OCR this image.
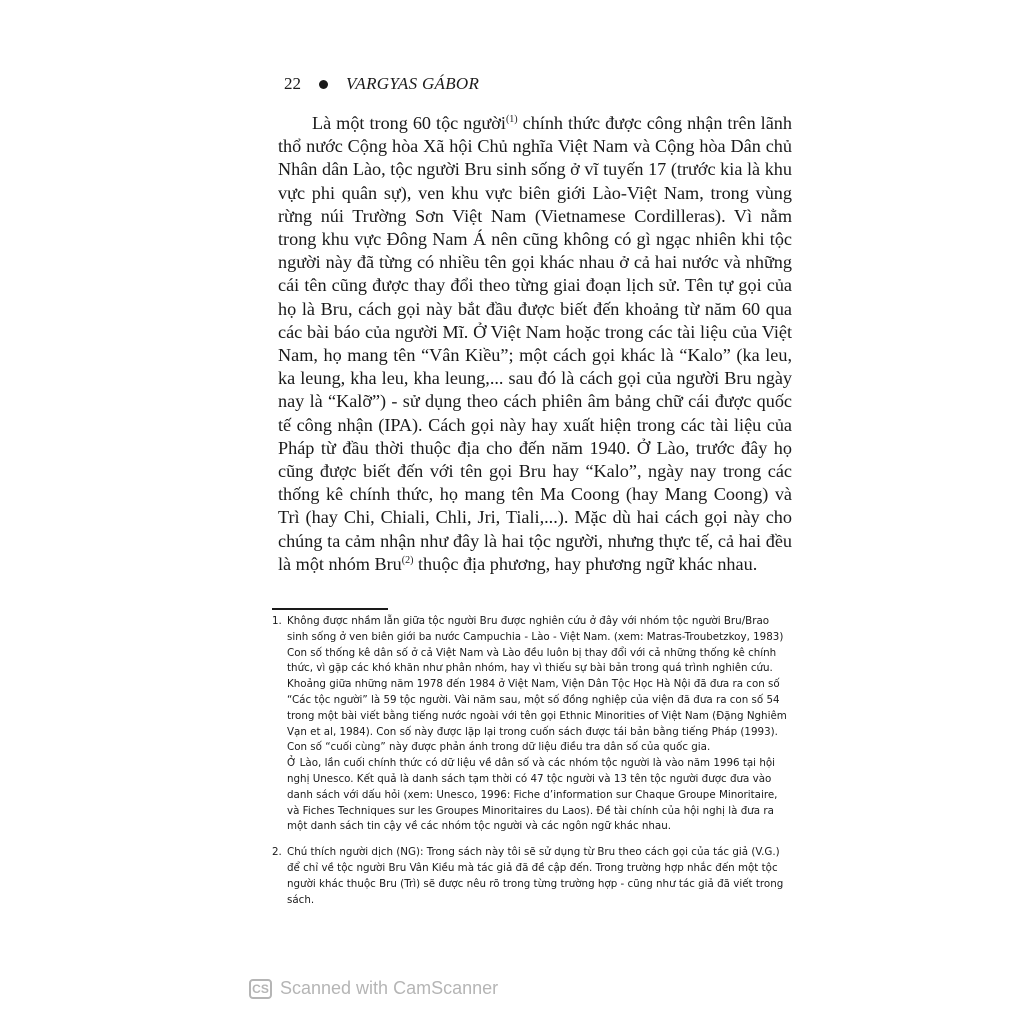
22	VARGYAS GÁBOR

Là một trong 60 tộc người$^{(1)}$ chính thức được công nhận trên lãnh thổ nước Cộng hòa Xã hội Chủ nghĩa Việt Nam và Cộng hòa Dân chủ Nhân dân Lào, tộc người Bru sinh sống ở vĩ tuyến 17 (trước kia là khu vực phi quân sự), ven khu vực biên giới Lào-Việt Nam, trong vùng rừng núi Trường Sơn Việt Nam (Vietnamese Cordilleras). Vì nằm trong khu vực Đông Nam Á nên cũng không có gì ngạc nhiên khi tộc người này đã từng có nhiều tên gọi khác nhau ở cả hai nước và những cái tên cũng được thay đổi theo từng giai đoạn lịch sử. Tên tự gọi của họ là Bru, cách gọi này bắt đầu được biết đến khoảng từ năm 60 qua các bài báo của người Mĩ. Ở Việt Nam hoặc trong các tài liệu của Việt Nam, họ mang tên “Vân Kiều”; một cách gọi khác là “Kalo” (ka leu, ka leung, kha leu, kha leung,... sau đó là cách gọi của người Bru ngày nay là “Kalỡ”) - sử dụng theo cách phiên âm bảng chữ cái được quốc tế công nhận (IPA). Cách gọi này hay xuất hiện trong các tài liệu của Pháp từ đầu thời thuộc địa cho đến năm 1940. Ở Lào, trước đây họ cũng được biết đến với tên gọi Bru hay “Kalo”, ngày nay trong các thống kê chính thức, họ mang tên Ma Coong (hay Mang Coong) và Trì (hay Chi, Chiali, Chli, Jri, Tiali,...). Mặc dù hai cách gọi này cho chúng ta cảm nhận như đây là hai tộc người, nhưng thực tế, cả hai đều là một nhóm Bru$^{(2)}$ thuộc địa phương, hay phương ngữ khác nhau.

1. Không được nhầm lẫn giữa tộc người Bru được nghiên cứu ở đây với nhóm tộc người Bru/Brao sinh sống ở ven biên giới ba nước Campuchia - Lào - Việt Nam. (xem: Matras-Troubetzkoy, 1983)

Con số thống kê dân số ở cả Việt Nam và Lào đều luôn bị thay đổi với cả những thống kê chính thức, vì gặp các khó khăn như phân nhóm, hay vì thiếu sự bài bản trong quá trình nghiên cứu. Khoảng giữa những năm 1978 đến 1984 ở Việt Nam, Viện Dân Tộc Học Hà Nội đã đưa ra con số “Các tộc người” là 59 tộc người. Vài năm sau, một số đồng nghiệp của viện đã đưa ra con số 54 trong một bài viết bằng tiếng nước ngoài với tên gọi Ethnic Minorities of Việt Nam (Đặng Nghiêm Vạn et al, 1984). Con số này được lặp lại trong cuốn sách được tái bản bằng tiếng Pháp (1993). Con số “cuối cùng” này được phản ánh trong dữ liệu điều tra dân số của quốc gia.

Ở Lào, lần cuối chính thức có dữ liệu về dân số và các nhóm tộc người là vào năm 1996 tại hội nghị Unesco. Kết quả là danh sách tạm thời có 47 tộc người và 13 tên tộc người được đưa vào danh sách với dấu hỏi (xem: Unesco, 1996: Fiche d’information sur Chaque Groupe Minoritaire, và Fiches Techniques sur les Groupes Minoritaires du Laos). Đề tài chính của hội nghị là đưa ra một danh sách tin cậy về các nhóm tộc người và các ngôn ngữ khác nhau.

2. Chú thích người dịch (NG): Trong sách này tôi sẽ sử dụng từ Bru theo cách gọi của tác giả (V.G.) để chỉ về tộc người Bru Vân Kiều mà tác giả đã đề cập đến. Trong trường hợp nhắc đến một tộc người khác thuộc Bru (Trì) sẽ được nêu rõ trong từng trường hợp - cũng như tác giả đã viết trong sách.

CS Scanned with CamScanner
